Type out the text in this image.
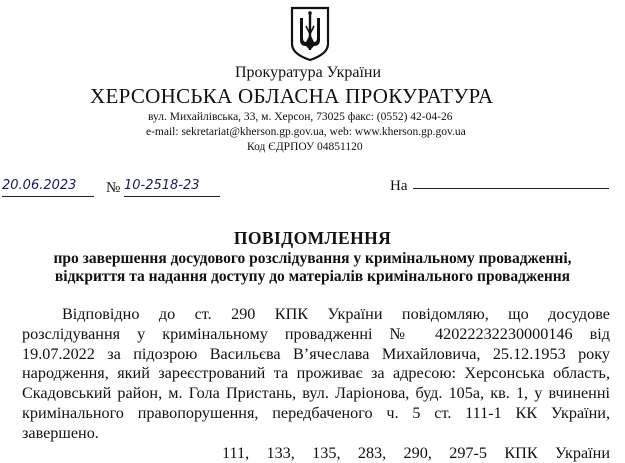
Прокуратура України
ХЕРСОНСЬКА ОБЛАСНА ПРОКУРАТУРА
вул. Михайлівська, 33, м. Херсон, 73025 факс: (0552) 42-04-26
e-mail: sekretariat@kherson.gp.gov.ua, web: www.kherson.gp.gov.ua
Код ЄДРПОУ 04851120
20.06.2023	№ 10-2518-23	На
ПОВІДОМЛЕННЯ
про завершення досудового розслідування у кримінальному провадженні,
відкриття та надання доступу до матеріалів кримінального провадження
Відповідно до ст. 290 КПК України повідомляю, що досудове
розслідування у кримінальному провадженні № 42022232230000146 від
19.07.2022 за підозрою Васильєва В’ячеслава Михайловича, 25.12.1953 року
народження, який зареєстрований та проживає за адресою: Херсонська область,
Скадовський район, м. Гола Пристань, вул. Ларіонова, буд. 105а, кв. 1, у вчиненні
кримінального правопорушення, передбаченого ч. 5 ст. 111-1 КК України,
завершено.
111, 133, 135, 283, 290, 297-5 КПК України
